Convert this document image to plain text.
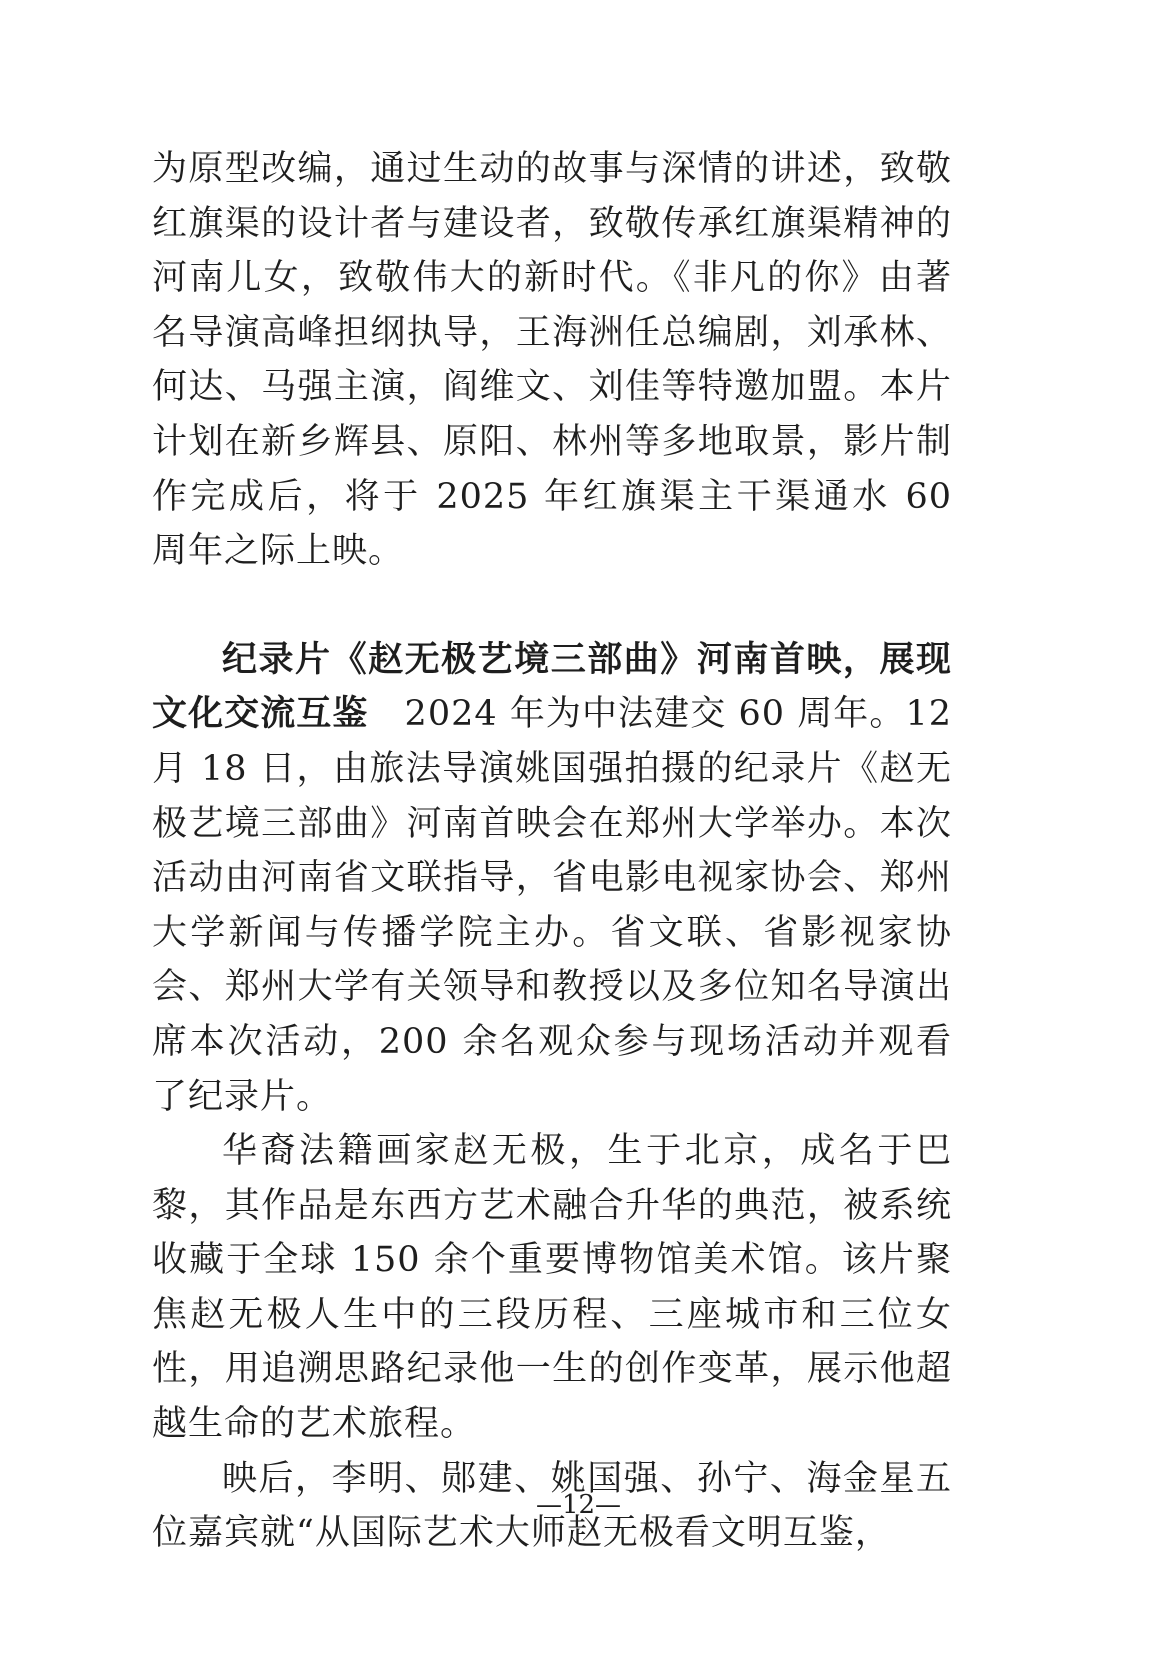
为原型改编，通过生动的故事与深情的讲述，致敬红旗渠的设计者与建设者，致敬传承红旗渠精神的河南儿女，致敬伟大的新时代。《非凡的你》由著名导演高峰担纲执导，王海洲任总编剧，刘承林、何达、马强主演，阎维文、刘佳等特邀加盟。本片计划在新乡辉县、原阳、林州等多地取景，影片制作完成后，将于 2025 年红旗渠主干渠通水 60 周年之际上映。

纪录片《赵无极艺境三部曲》河南首映，展现文化交流互鉴　2024 年为中法建交 60 周年。12 月 18 日，由旅法导演姚国强拍摄的纪录片《赵无极艺境三部曲》河南首映会在郑州大学举办。本次活动由河南省文联指导，省电影电视家协会、郑州大学新闻与传播学院主办。省文联、省影视家协会、郑州大学有关领导和教授以及多位知名导演出席本次活动，200 余名观众参与现场活动并观看了纪录片。

华裔法籍画家赵无极，生于北京，成名于巴黎，其作品是东西方艺术融合升华的典范，被系统收藏于全球 150 余个重要博物馆美术馆。该片聚焦赵无极人生中的三段历程、三座城市和三位女性，用追溯思路纪录他一生的创作变革，展示他超越生命的艺术旅程。

映后，李明、郧建、姚国强、孙宁、海金星五位嘉宾就“从国际艺术大师赵无极看文明互鉴，

—12—
